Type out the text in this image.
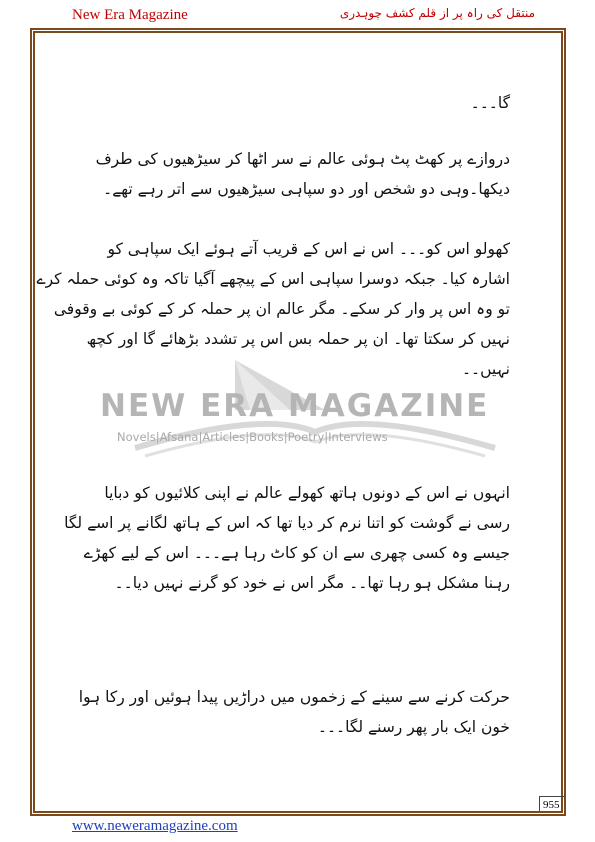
New Era Magazine	منتقل کی راہ پر از قلم کشف چوہدری
NEW ERA MAGAZINE
Novels|Afsana|Articles|Books|Poetry|Interviews
گا۔۔۔
دروازے پر کھٹ پٹ ہوئی عالم نے سر اٹھا کر سیڑھیوں کی طرف
دیکھا۔وہی دو شخص اور دو سپاہی سیڑھیوں سے اتر رہے تھے۔
کھولو اس کو۔۔۔ اس نے اس کے قریب آتے ہوئے ایک سپاہی کو
اشارہ کیا۔ جبکہ دوسرا سپاہی اس کے پیچھے آگیا تاکہ وہ کوئی حملہ کرے
تو وہ اس پر وار کر سکے۔ مگر عالم ان پر حملہ کر کے کوئی بے وقوفی
نہیں کر سکتا تھا۔ ان پر حملہ بس اس پر تشدد بڑھائے گا اور کچھ
نہیں۔۔
انہوں نے اس کے دونوں ہاتھ کھولے عالم نے اپنی کلائیوں کو دبایا
رسی نے گوشت کو اتنا نرم کر دیا تھا کہ اس کے ہاتھ لگانے پر اسے لگا
جیسے وہ کسی چھری سے ان کو کاٹ رہا ہے۔۔۔ اس کے لیے کھڑے
رہنا مشکل ہو رہا تھا۔۔ مگر اس نے خود کو گرنے نہیں دیا۔۔
حرکت کرنے سے سینے کے زخموں میں دراڑیں پیدا ہوئیں اور رکا ہوا
خون ایک بار پھر رسنے لگا۔۔۔
955
www.neweramagazine.com
